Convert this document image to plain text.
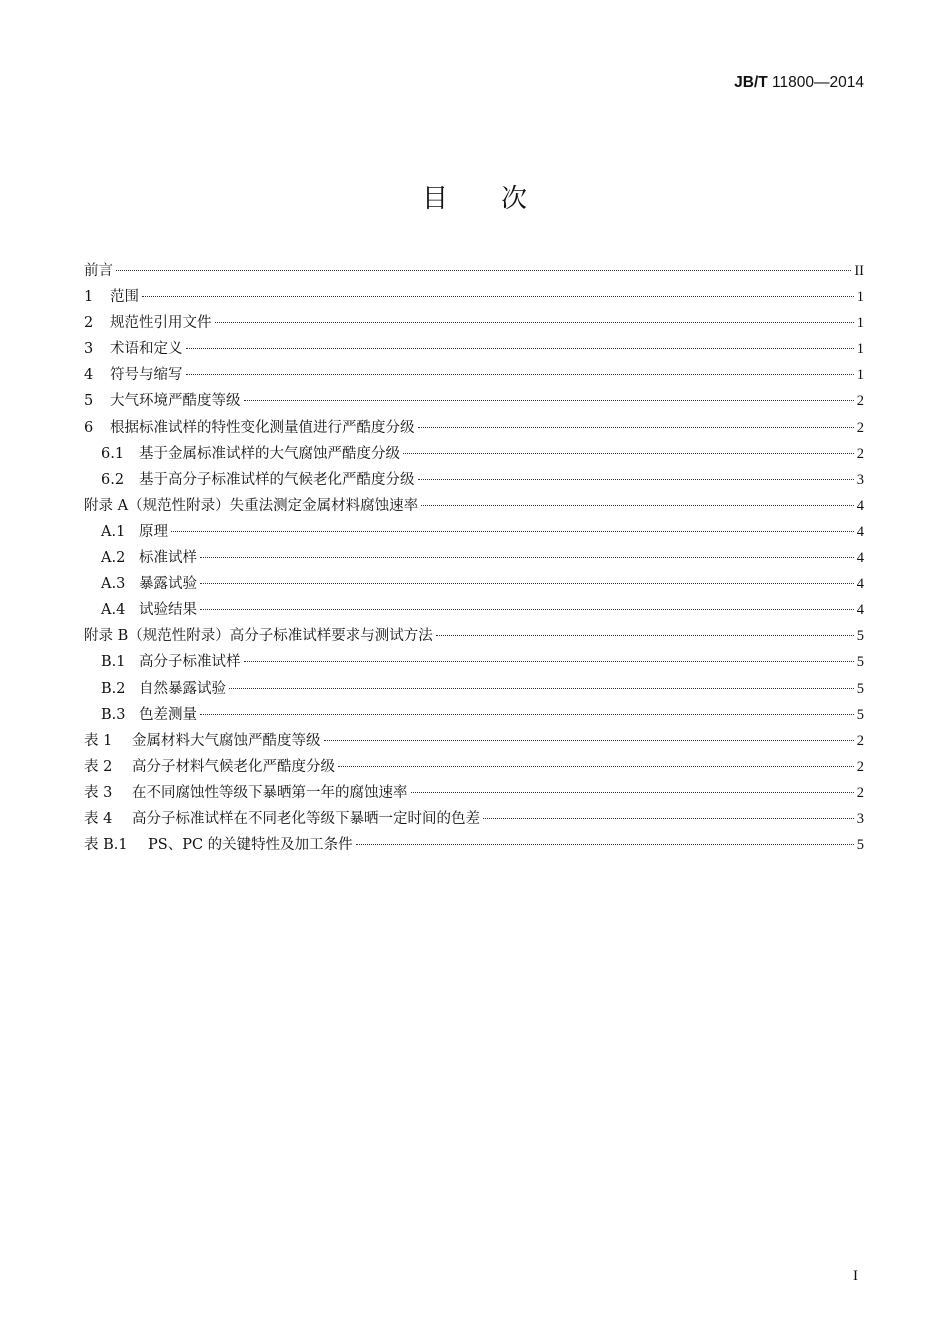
JB/T 11800—2014
目 次
前言	II
1	范围	1
2	规范性引用文件	1
3	术语和定义	1
4	符号与缩写	1
5	大气环境严酷度等级	2
6	根据标准试样的特性变化测量值进行严酷度分级	2
6.1	基于金属标准试样的大气腐蚀严酷度分级	2
6.2	基于高分子标准试样的气候老化严酷度分级	3
附录 A（规范性附录）失重法测定金属材料腐蚀速率	4
A.1 原理	4
A.2 标准试样	4
A.3 暴露试验	4
A.4 试验结果	4
附录 B（规范性附录）高分子标准试样要求与测试方法	5
B.1 高分子标准试样	5
B.2 自然暴露试验	5
B.3 色差测量	5
表 1	金属材料大气腐蚀严酷度等级	2
表 2	高分子材料气候老化严酷度分级	2
表 3	在不同腐蚀性等级下暴晒第一年的腐蚀速率	2
表 4	高分子标准试样在不同老化等级下暴晒一定时间的色差	3
表 B.1	PS、PC 的关键特性及加工条件	5
I
